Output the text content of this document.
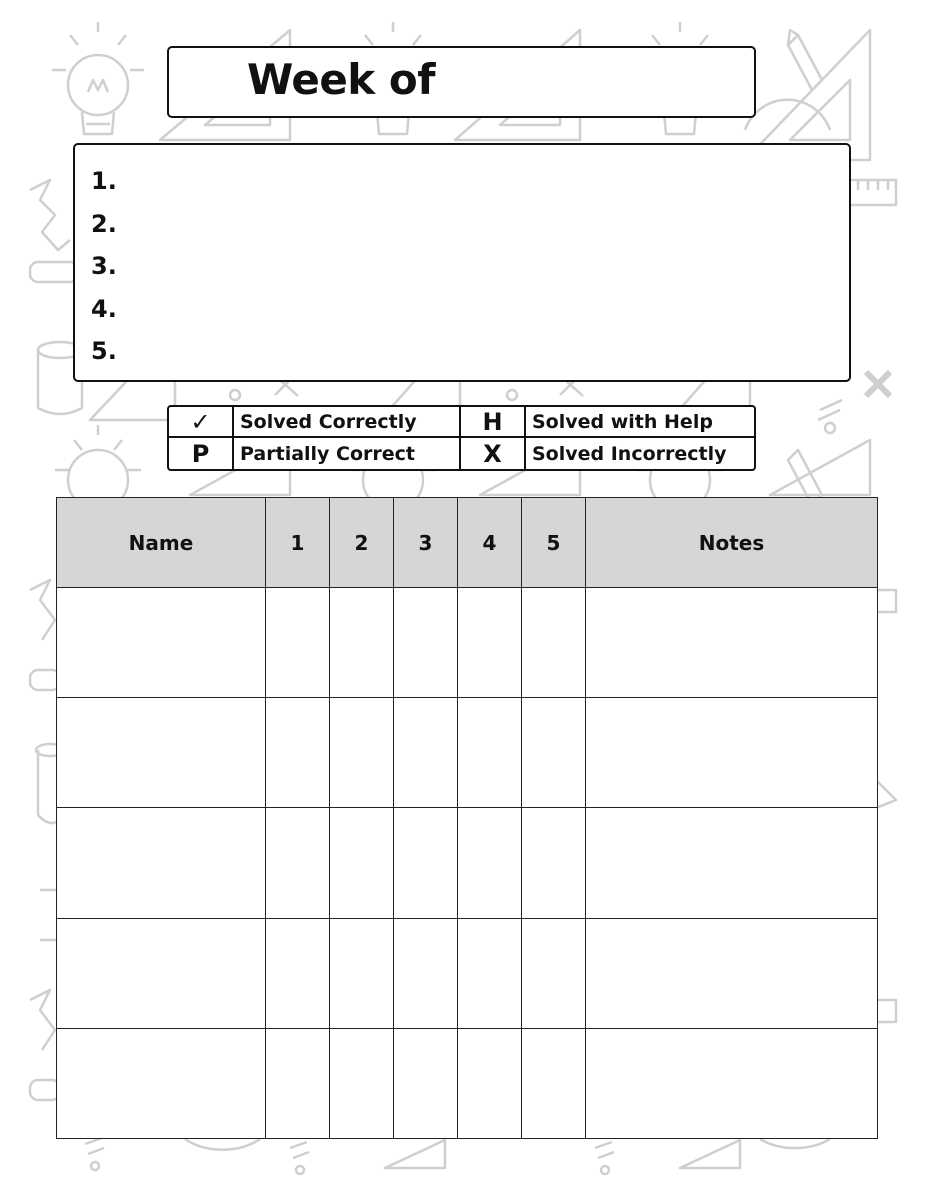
Week of
1.
2.
3.
4.
5.
✓	Solved Correctly	H	Solved with Help
P	Partially Correct	X	Solved Incorrectly
Name	1	2	3	4	5	Notes
